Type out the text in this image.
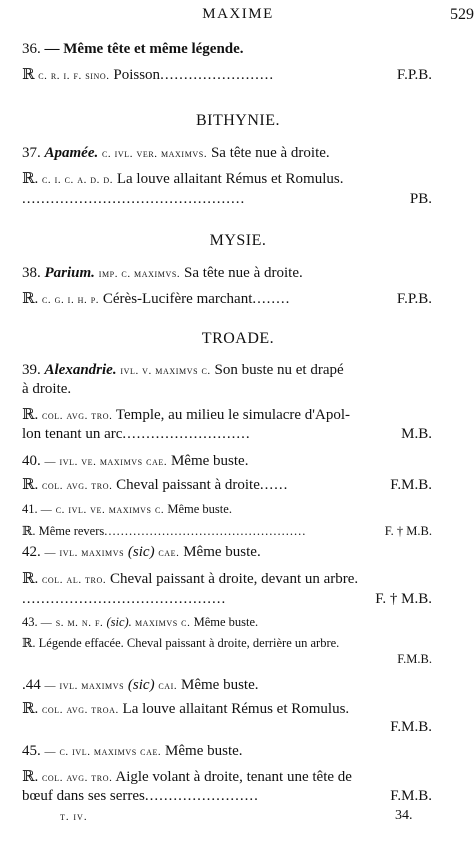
MAXIME	529
36. — Même tête et même légende.
ℝ c. r. i. f. sino. Poisson........................	F.P.B.
BITHYNIE.
37. Apamée. c. ivl. ver. maximvs. Sa tête nue à droite.
ℝ. c. i. c. a. d. d. La louve allaitant Rémus et Romulus.
...............................................	PB.
MYSIE.
38. Parium. imp. c. maximvs. Sa tête nue à droite.
ℝ. c. g. i. h. p. Cérès-Lucifère marchant........	F.P.B.
TROADE.
39. Alexandrie. ivl. v. maximvs c. Son buste nu et drapé
à droite.
ℝ. col. avg. tro. Temple, au milieu le simulacre d'Apol-
lon tenant un arc...........................	M.B.
40. — ivl. ve. maximvs cae. Même buste.
ℝ. col. avg. tro. Cheval paissant à droite......	F.M.B.
41. — c. ivl. ve. maximvs c. Même buste.
ℝ. Même revers.................................................	F. † M.B.
42. — ivl. maximvs (sic) cae. Même buste.
ℝ. col. al. tro. Cheval paissant à droite, devant un arbre.
...........................................	F. † M.B.
43. — s. m. n. f. (sic). maximvs c. Même buste.
ℝ. Légende effacée. Cheval paissant à droite, derrière un arbre.
F.M.B.
.44 — ivl. maximvs (sic) cai. Même buste.
ℝ. col. avg. troa. La louve allaitant Rémus et Romulus.
F.M.B.
45. — c. ivl. maximvs cae. Même buste.
ℝ. col. avg. tro. Aigle volant à droite, tenant une tête de
bœuf dans ses serres........................	F.M.B.
t. iv.	34.
